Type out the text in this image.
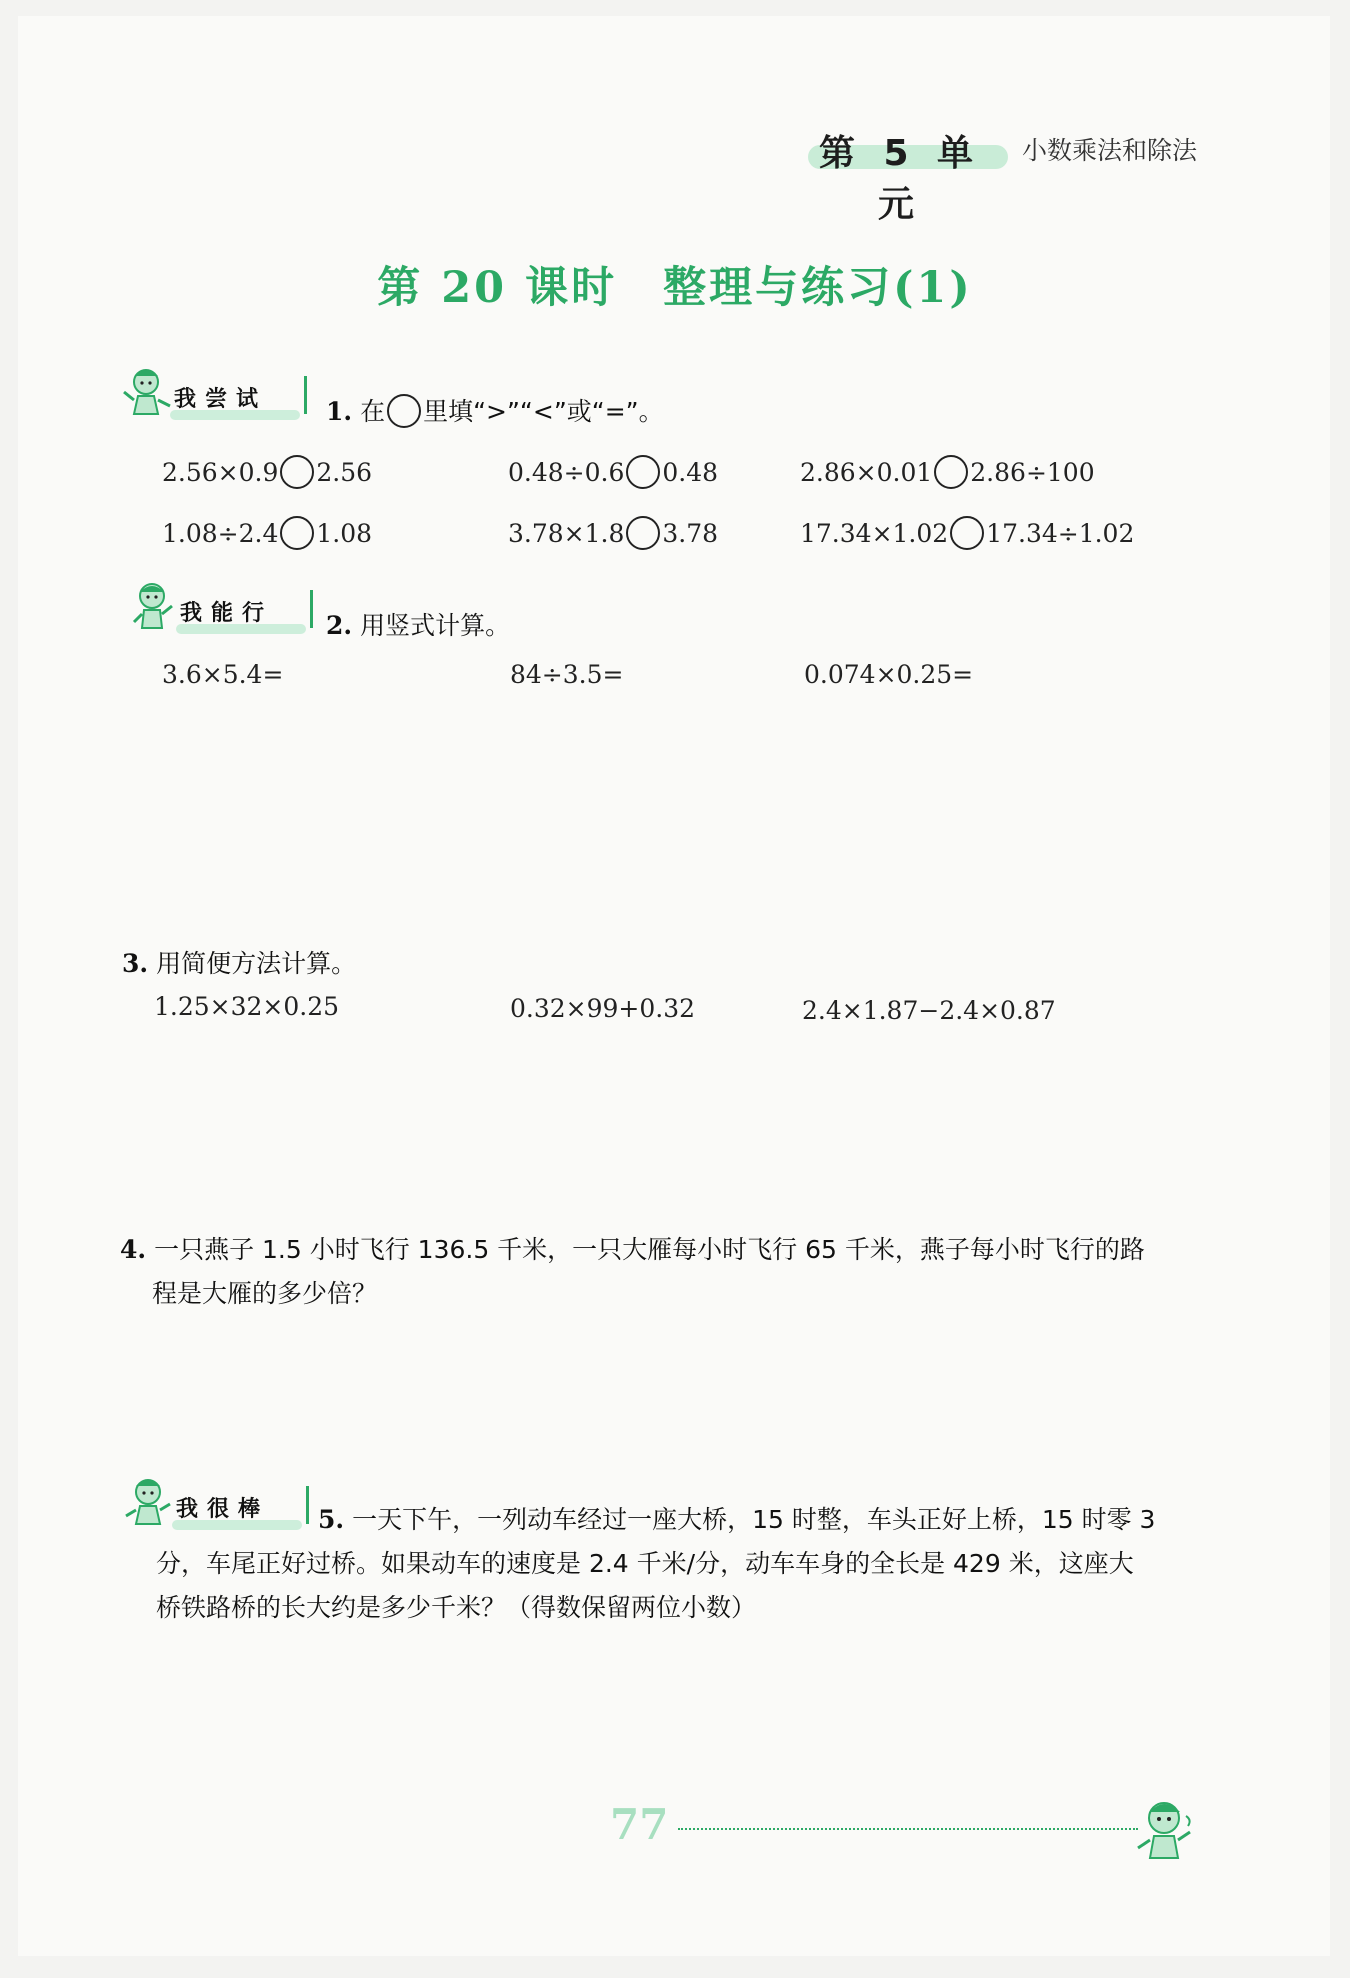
第 5 单元
小数乘法和除法
第 20 课时　整理与练习(1)
我尝试 1. 在 里填“>”“<”或“=”。
2.56×0.9 2.56	0.48÷0.6 0.48	2.86×0.01 2.86÷100
1.08÷2.4 1.08	3.78×1.8 3.78	17.34×1.02 17.34÷1.02
我能行 2. 用竖式计算。
3.6×5.4=	84÷3.5=	0.074×0.25=
3. 用简便方法计算。
1.25×32×0.25	0.32×99+0.32	2.4×1.87−2.4×0.87
4. 一只燕子 1.5 小时飞行 136.5 千米，一只大雁每小时飞行 65 千米，燕子每小时飞行的路
程是大雁的多少倍？
我很棒 5. 一天下午，一列动车经过一座大桥，15 时整，车头正好上桥，15 时零 3
分，车尾正好过桥。如果动车的速度是 2.4 千米/分，动车车身的全长是 429 米，这座大
桥铁路桥的长大约是多少千米？（得数保留两位小数）
77
